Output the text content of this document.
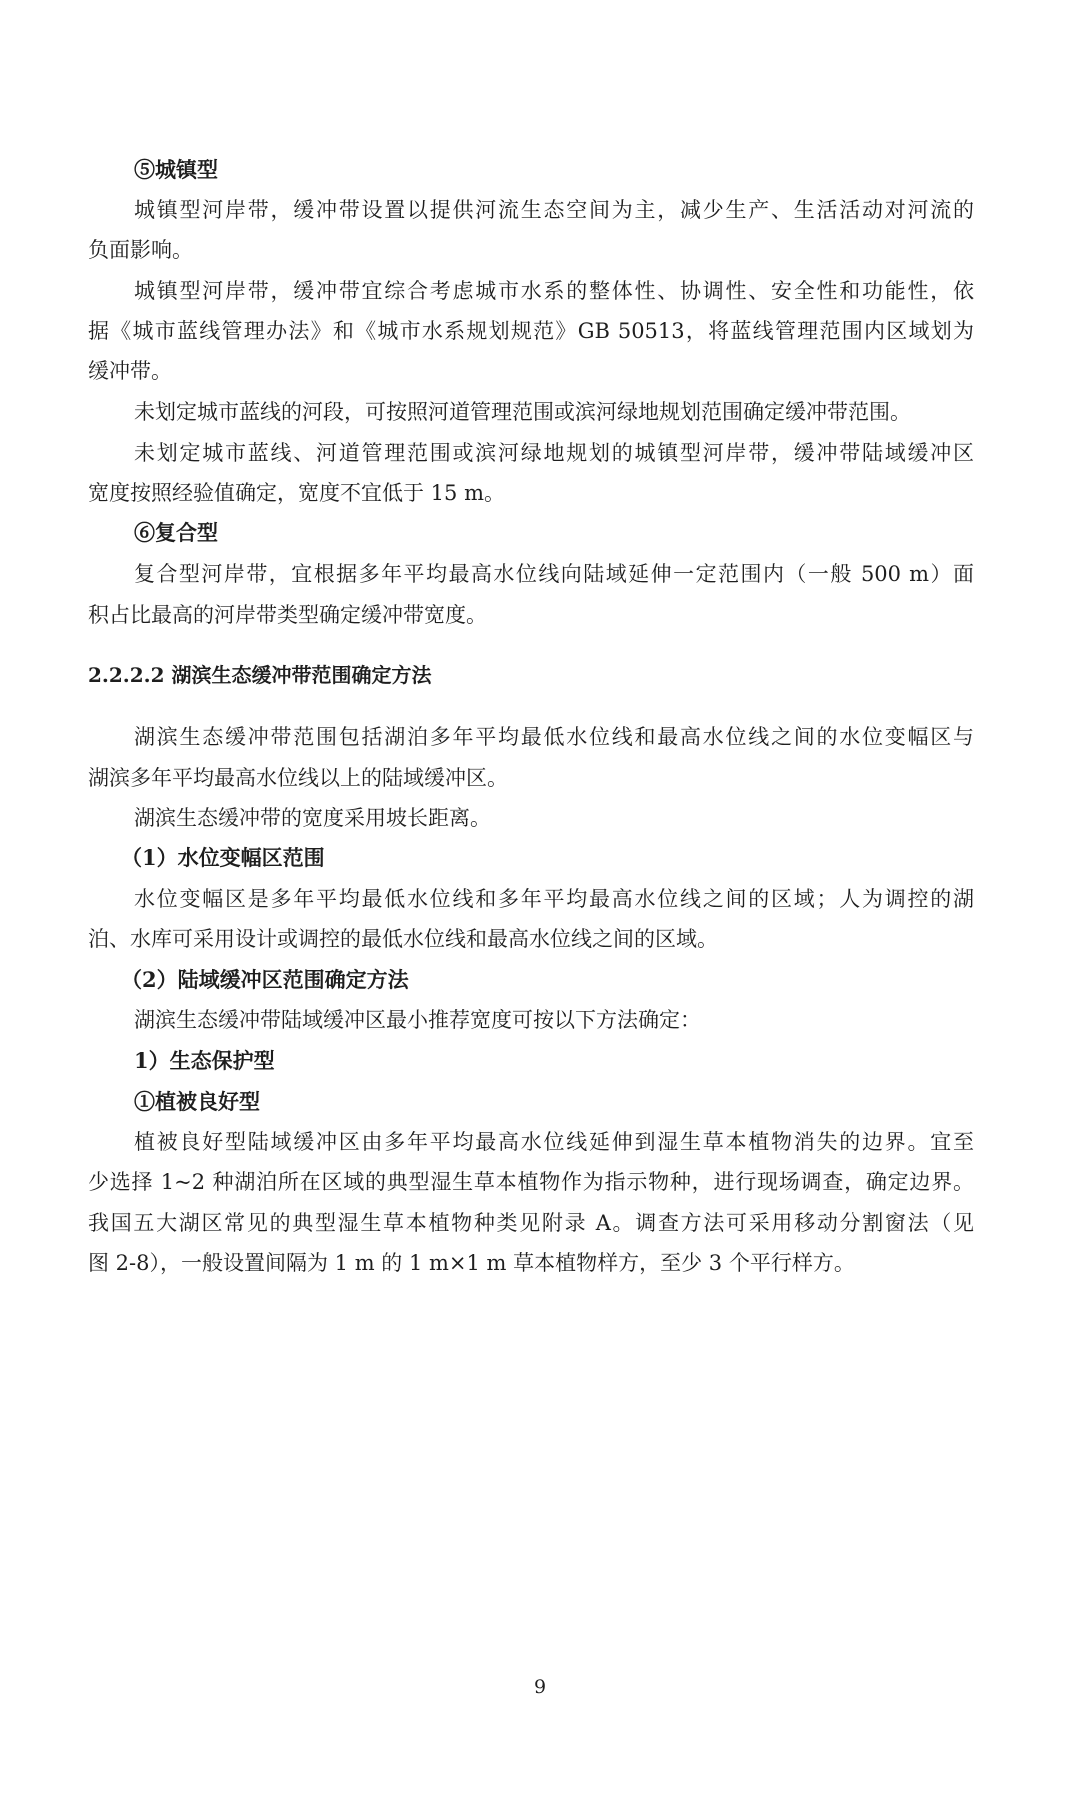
⑤城镇型
城镇型河岸带，缓冲带设置以提供河流生态空间为主，减少生产、生活活动对河流的
负面影响。
城镇型河岸带，缓冲带宜综合考虑城市水系的整体性、协调性、安全性和功能性，依
据《城市蓝线管理办法》和《城市水系规划规范》GB 50513，将蓝线管理范围内区域划为
缓冲带。
未划定城市蓝线的河段，可按照河道管理范围或滨河绿地规划范围确定缓冲带范围。
未划定城市蓝线、河道管理范围或滨河绿地规划的城镇型河岸带，缓冲带陆域缓冲区
宽度按照经验值确定，宽度不宜低于 15 m。
⑥复合型
复合型河岸带，宜根据多年平均最高水位线向陆域延伸一定范围内（一般 500 m）面
积占比最高的河岸带类型确定缓冲带宽度。
2.2.2.2 湖滨生态缓冲带范围确定方法
湖滨生态缓冲带范围包括湖泊多年平均最低水位线和最高水位线之间的水位变幅区与
湖滨多年平均最高水位线以上的陆域缓冲区。
湖滨生态缓冲带的宽度采用坡长距离。
（1）水位变幅区范围
水位变幅区是多年平均最低水位线和多年平均最高水位线之间的区域；人为调控的湖
泊、水库可采用设计或调控的最低水位线和最高水位线之间的区域。
（2）陆域缓冲区范围确定方法
湖滨生态缓冲带陆域缓冲区最小推荐宽度可按以下方法确定：
1）生态保护型
①植被良好型
植被良好型陆域缓冲区由多年平均最高水位线延伸到湿生草本植物消失的边界。宜至
少选择 1~2 种湖泊所在区域的典型湿生草本植物作为指示物种，进行现场调查，确定边界。
我国五大湖区常见的典型湿生草本植物种类见附录 A。调查方法可采用移动分割窗法（见
图 2-8），一般设置间隔为 1 m 的 1 m×1 m 草本植物样方，至少 3 个平行样方。
9
